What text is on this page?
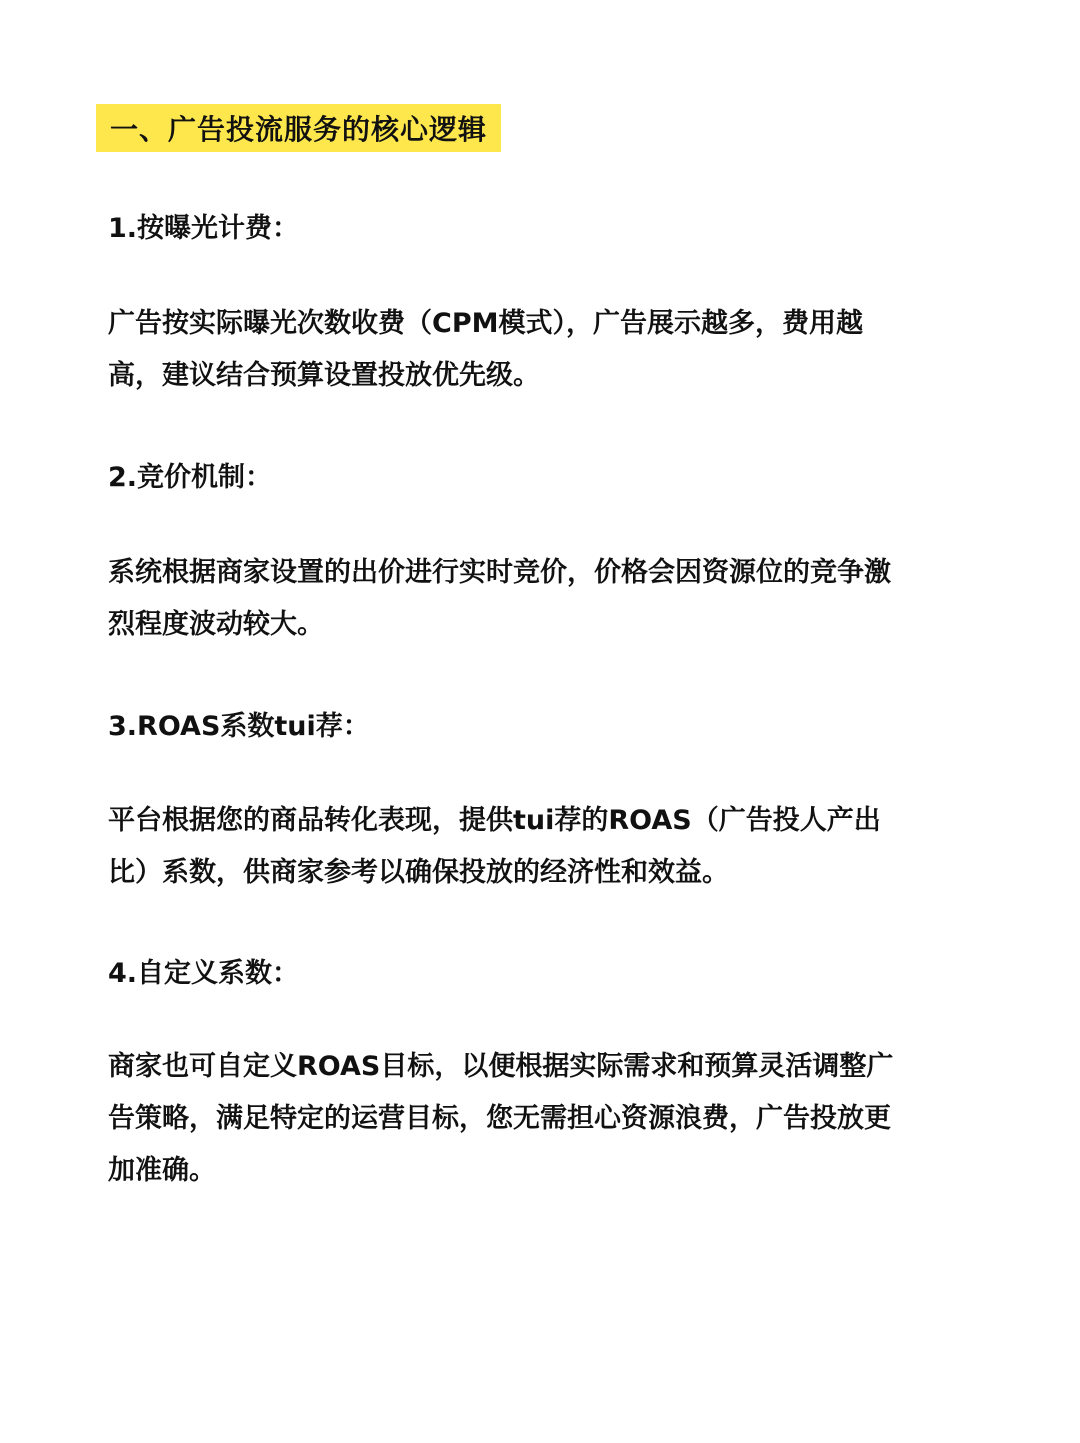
一、广告投流服务的核心逻辑
1.按曝光计费：

广告按实际曝光次数收费（CPM模式），广告展示越多，费用越
高，建议结合预算设置投放优先级。

2.竞价机制：

系统根据商家设置的出价进行实时竞价，价格会因资源位的竞争激
烈程度波动较大。

3.ROAS系数tui荐：

平台根据您的商品转化表现，提供tui荐的ROAS（广告投人产出
比）系数，供商家参考以确保投放的经济性和效益。

4.自定义系数：

商家也可自定义ROAS目标，以便根据实际需求和预算灵活调整广
告策略，满足特定的运营目标，您无需担心资源浪费，广告投放更
加准确。
